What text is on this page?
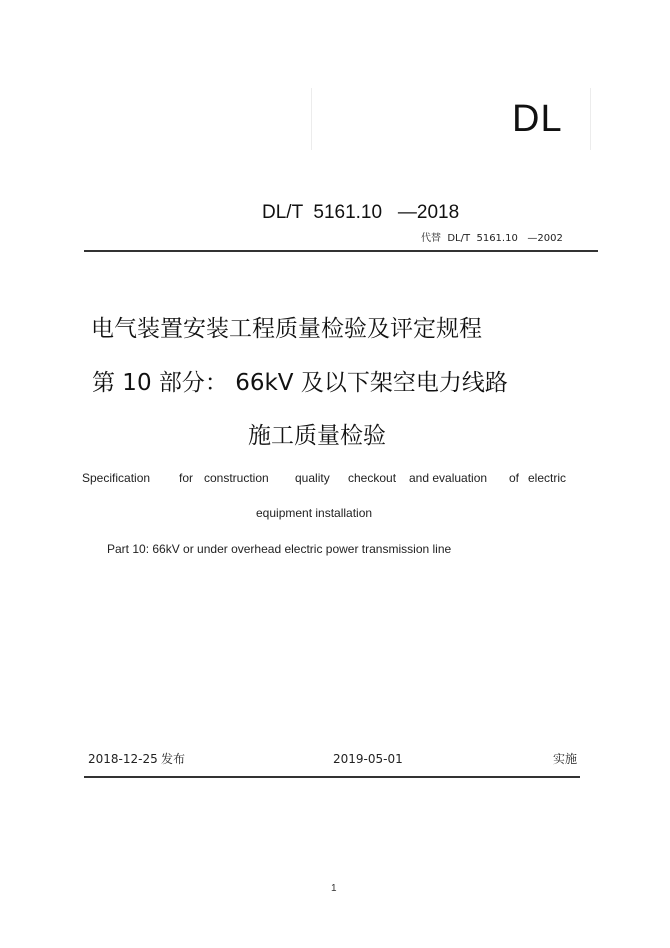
DL
DL/T  5161.10   —2018
代替  DL/T  5161.10   —2002
电气装置安装工程质量检验及评定规程
第 10 部分： 66kV 及以下架空电力线路
施工质量检验
Specification for construction quality checkout and evaluation of electric
equipment installation
Part 10: 66kV or under overhead electric power transmission line
2018-12-25 发布	2019-05-01	实施
1
